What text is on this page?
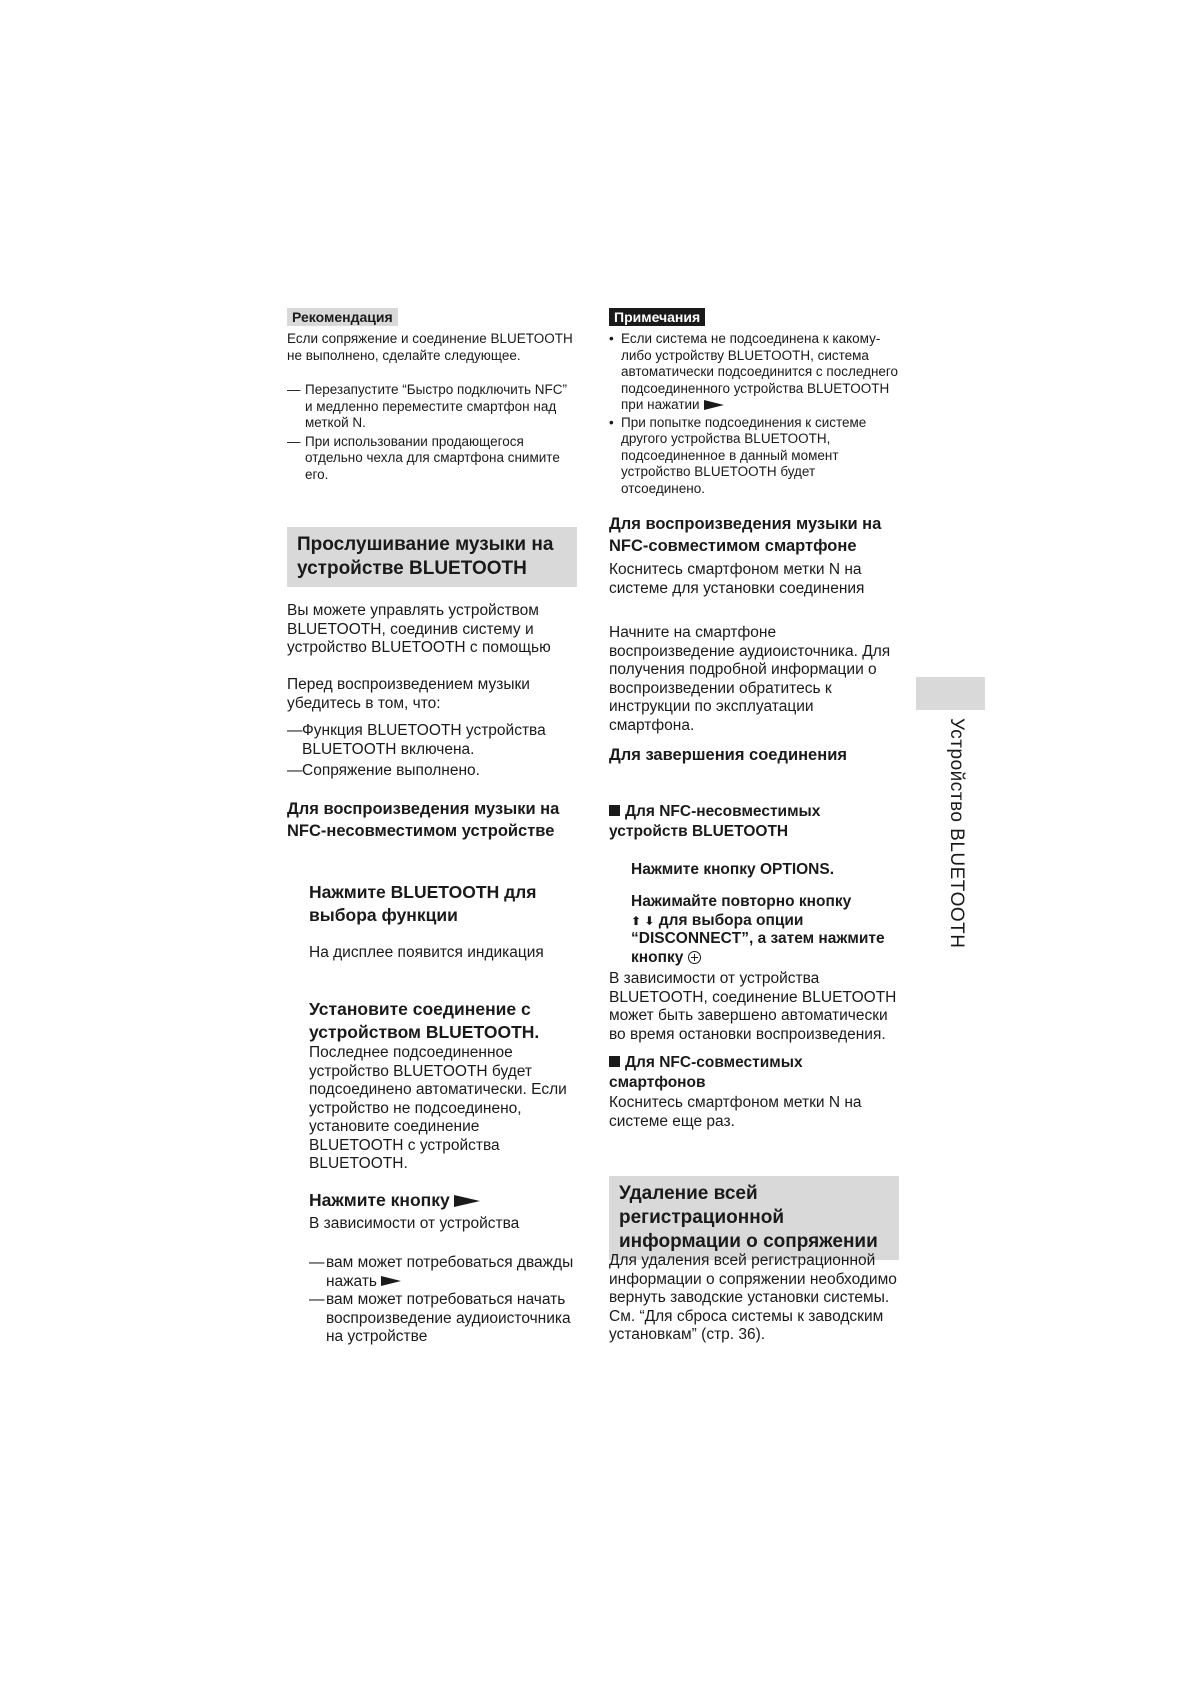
Рекомендация
Если сопряжение и соединение BLUETOOTH не выполнено, сделайте следующее.
— Перезапустите “Быстро подключить NFC” и медленно переместите смартфон над меткой N.
— При использовании продающегося отдельно чехла для смартфона снимите его.
Прослушивание музыки на устройстве BLUETOOTH
Вы можете управлять устройством BLUETOOTH, соединив систему и устройство BLUETOOTH с помощью
Перед воспроизведением музыки убедитесь в том, что:
— Функция BLUETOOTH устройства BLUETOOTH включена.
— Сопряжение выполнено.
Для воспроизведения музыки на NFC-несовместимом устройстве
Нажмите BLUETOOTH для выбора функции
На дисплее появится индикация
Установите соединение с устройством BLUETOOTH.
Последнее подсоединенное устройство BLUETOOTH будет подсоединено автоматически. Если устройство не подсоединено, установите соединение BLUETOOTH с устройства BLUETOOTH.
Нажмите кнопку
В зависимости от устройства
— вам может потребоваться дважды нажать
— вам может потребоваться начать воспроизведение аудиоисточника на устройстве
Примечания
• Если система не подсоединена к какому-либо устройству BLUETOOTH, система автоматически подсоединится с последнего подсоединенного устройства BLUETOOTH при нажатии
• При попытке подсоединения к системе другого устройства BLUETOOTH, подсоединенное в данный момент устройство BLUETOOTH будет отсоединено.
Для воспроизведения музыки на NFC-совместимом смартфоне
Коснитесь смартфоном метки N на системе для установки соединения
Начните на смартфоне воспроизведение аудиоисточника. Для получения подробной информации о воспроизведении обратитесь к инструкции по эксплуатации смартфона.
Для завершения соединения
Для NFC-несовместимых устройств BLUETOOTH
Нажмите кнопку OPTIONS.
Нажимайте повторно кнопку
⬆ ⬇ для выбора опции “DISCONNECT”, а затем нажмите кнопку
В зависимости от устройства BLUETOOTH, соединение BLUETOOTH может быть завершено автоматически во время остановки воспроизведения.
Для NFC-совместимых смартфонов
Коснитесь смартфоном метки N на системе еще раз.
Удаление всей регистрационной информации о сопряжении
Для удаления всей регистрационной информации о сопряжении необходимо вернуть заводские установки системы. См. “Для сброса системы к заводским установкам” (стр. 36).
Устройство BLUETOOTH
